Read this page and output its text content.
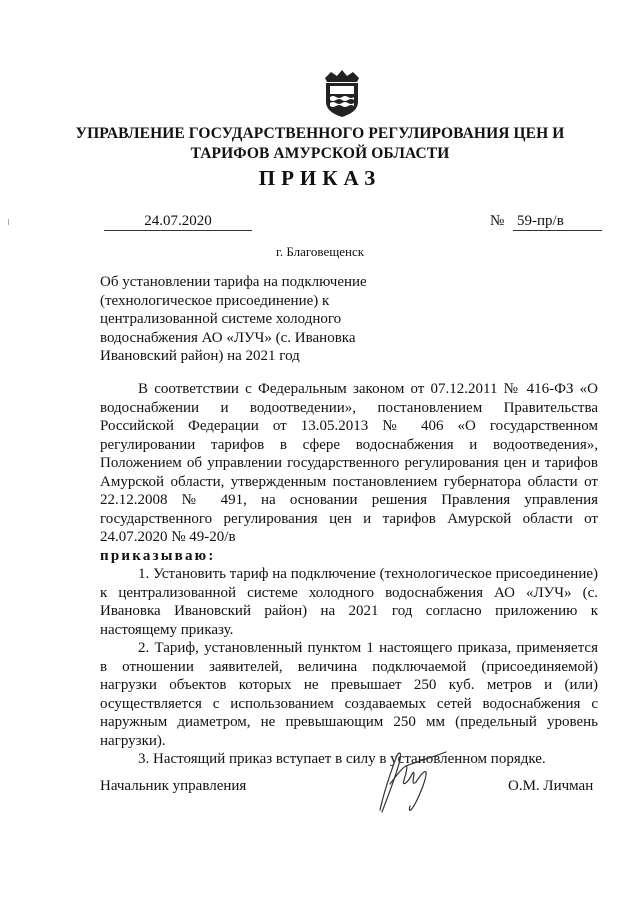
УПРАВЛЕНИЕ ГОСУДАРСТВЕННОГО РЕГУЛИРОВАНИЯ ЦЕН И
ТАРИФОВ АМУРСКОЙ ОБЛАСТИ
ПРИКАЗ
24.07.2020	№ 59-пр/в
г. Благовещенск
Об установлении тарифа на подключение
(технологическое присоединение) к
централизованной системе холодного
водоснабжения АО «ЛУЧ» (с. Ивановка
Ивановский район) на 2021 год

В соответствии с Федеральным законом от 07.12.2011 № 416-ФЗ «О водоснабжении и водоотведении», постановлением Правительства Российской Федерации от 13.05.2013 № 406 «О государственном регулировании тарифов в сфере водоснабжения и водоотведения», Положением об управлении государственного регулирования цен и тарифов Амурской области, утвержденным постановлением губернатора области от 22.12.2008 № 491, на основании решения Правления управления государственного регулирования цен и тарифов Амурской области от 24.07.2020 № 49-20/в

приказываю:

1. Установить тариф на подключение (технологическое присоединение) к централизованной системе холодного водоснабжения АО «ЛУЧ» (с. Ивановка Ивановский район) на 2021 год согласно приложению к настоящему приказу.

2. Тариф, установленный пунктом 1 настоящего приказа, применяется в отношении заявителей, величина подключаемой (присоединяемой) нагрузки объектов которых не превышает 250 куб. метров и (или) осуществляется с использованием создаваемых сетей водоснабжения с наружным диаметром, не превышающим 250 мм (предельный уровень нагрузки).

3. Настоящий приказ вступает в силу в установленном порядке.

Начальник управления	О.М. Личман
